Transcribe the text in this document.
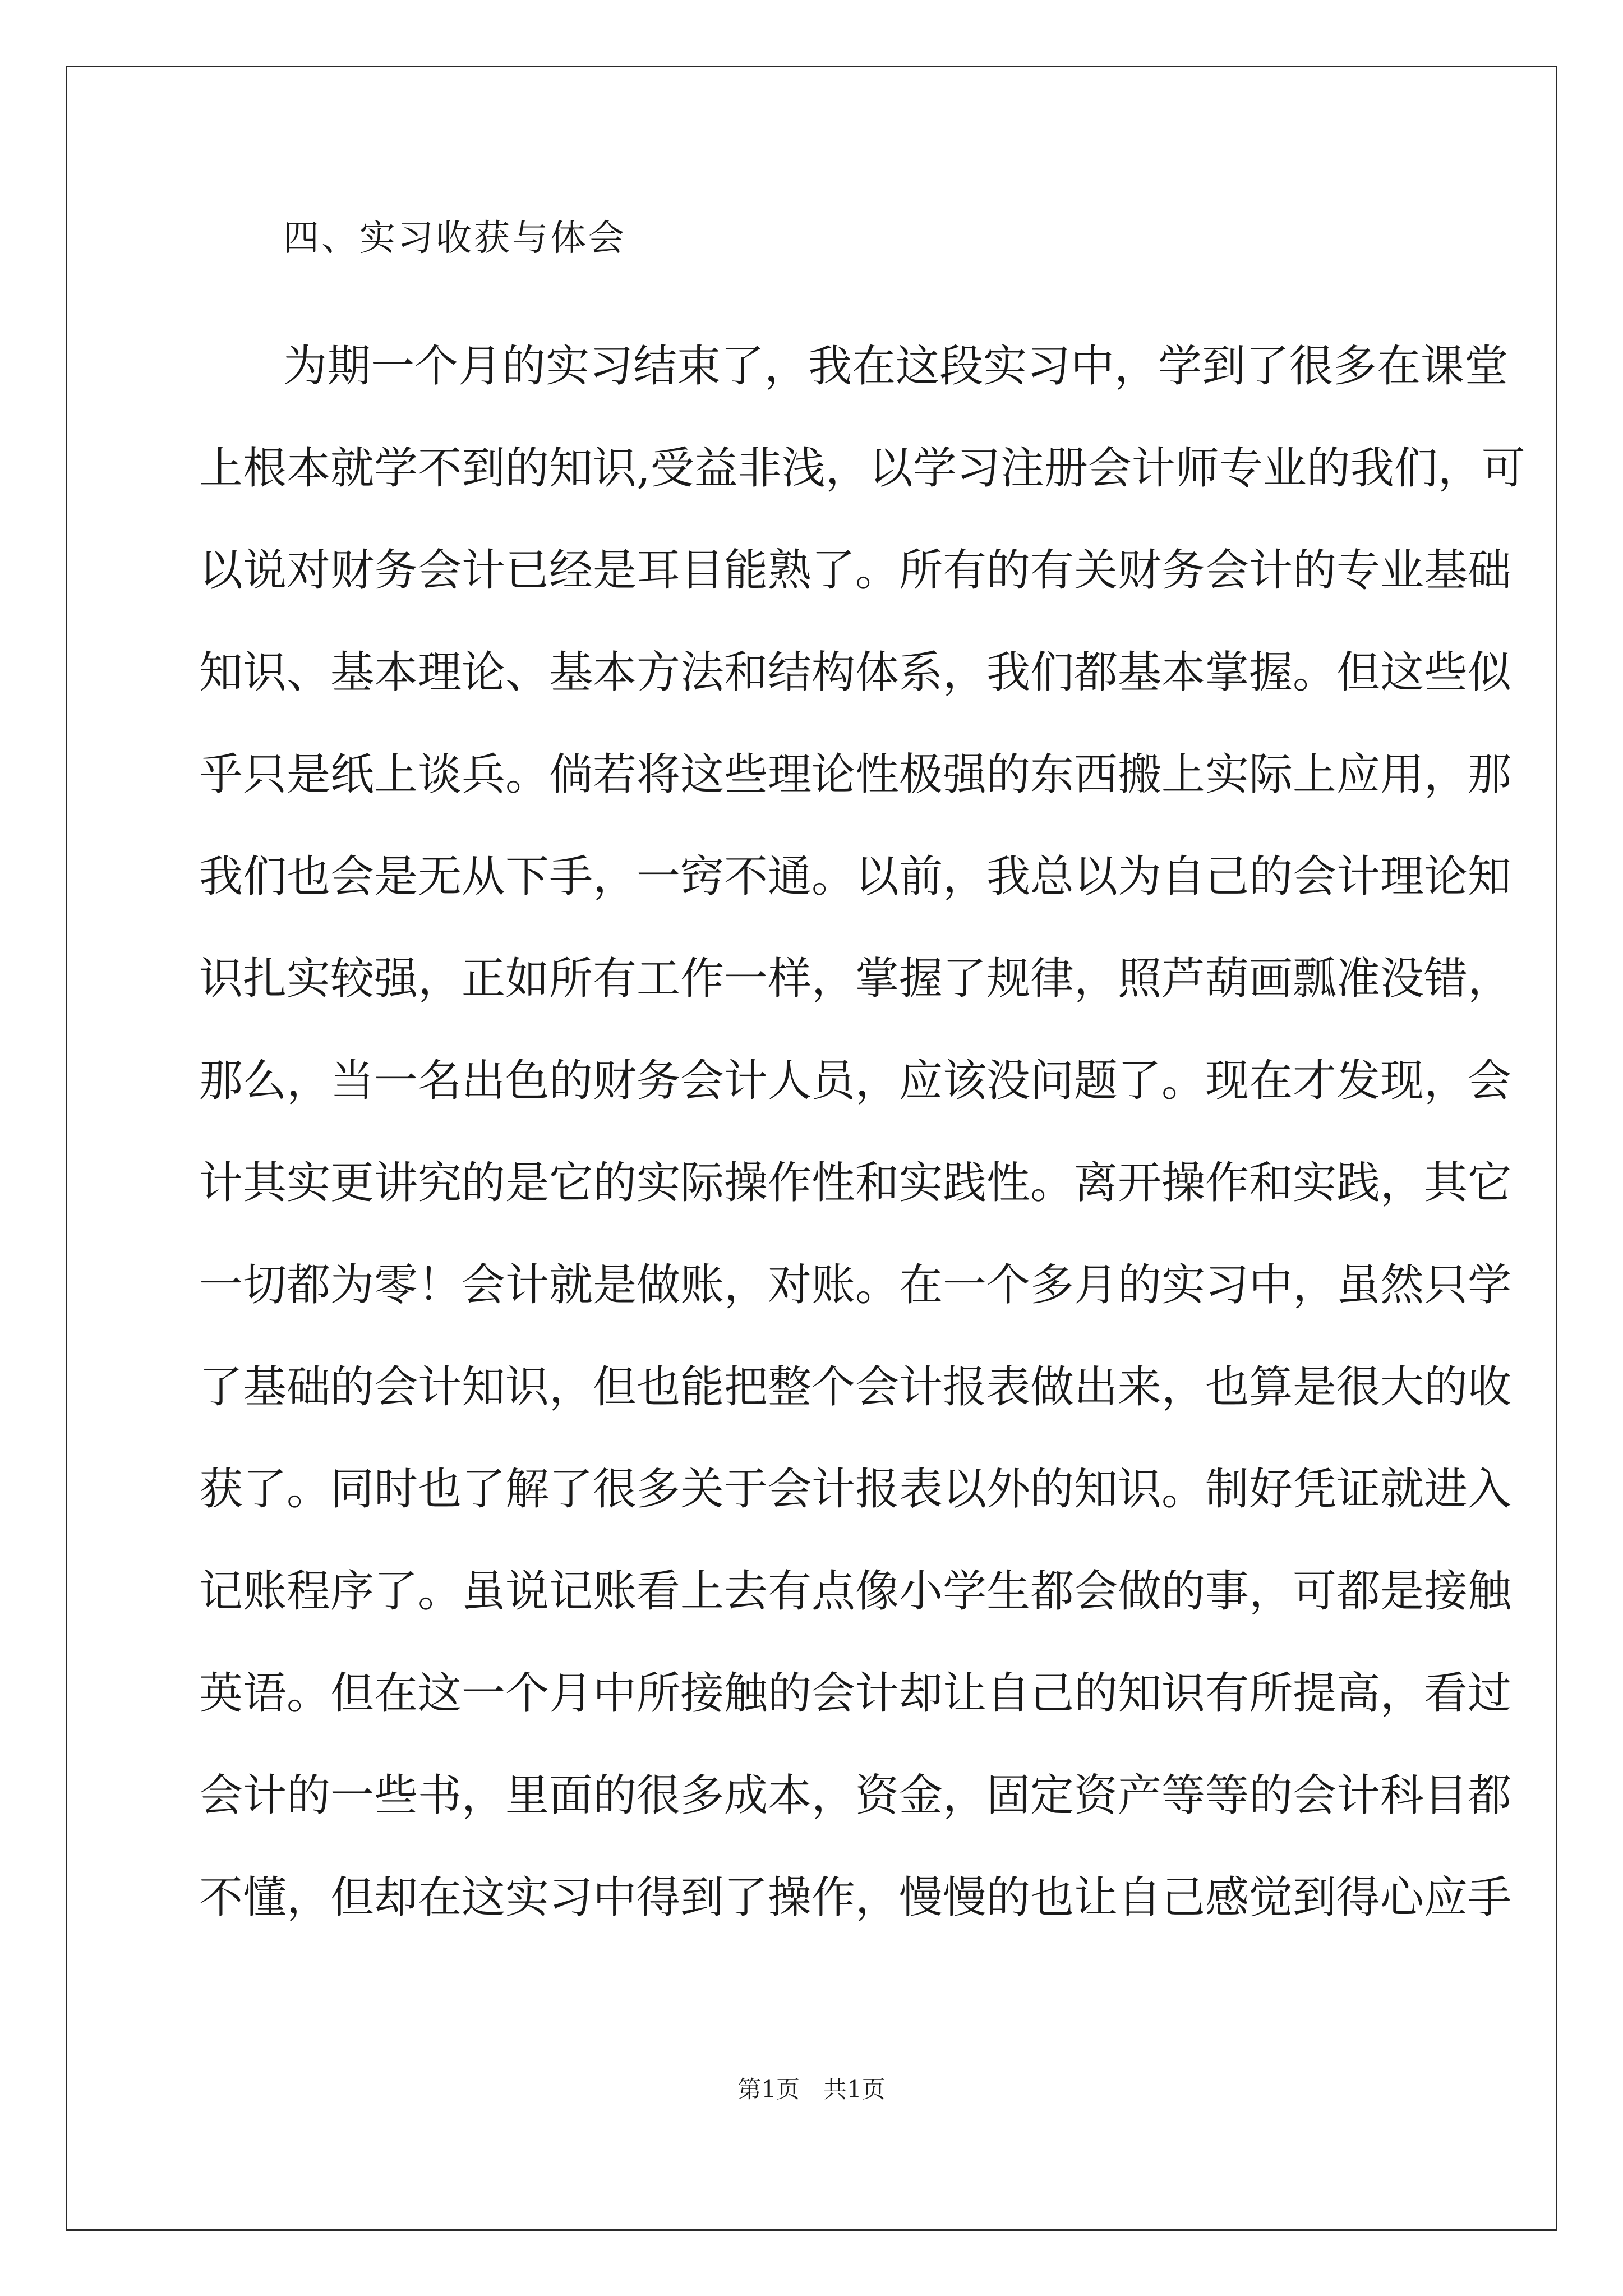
四、实习收获与体会

为期一个月的实习结束了，我在这段实习中，学到了很多在课堂

上根本就学不到的知识,受益非浅，以学习注册会计师专业的我们，可

以说对财务会计已经是耳目能熟了。所有的有关财务会计的专业基础

知识、基本理论、基本方法和结构体系，我们都基本掌握。但这些似

乎只是纸上谈兵。倘若将这些理论性极强的东西搬上实际上应用，那

我们也会是无从下手，一窍不通。以前，我总以为自己的会计理论知

识扎实较强，正如所有工作一样，掌握了规律，照芦葫画瓢准没错，

那么，当一名出色的财务会计人员，应该没问题了。现在才发现，会

计其实更讲究的是它的实际操作性和实践性。离开操作和实践，其它

一切都为零！会计就是做账，对账。在一个多月的实习中，虽然只学

了基础的会计知识，但也能把整个会计报表做出来，也算是很大的收

获了。同时也了解了很多关于会计报表以外的知识。制好凭证就进入

记账程序了。虽说记账看上去有点像小学生都会做的事，可都是接触

英语。但在这一个月中所接触的会计却让自己的知识有所提高，看过

会计的一些书，里面的很多成本，资金，固定资产等等的会计科目都

不懂，但却在这实习中得到了操作，慢慢的也让自己感觉到得心应手

第1页　共1页
